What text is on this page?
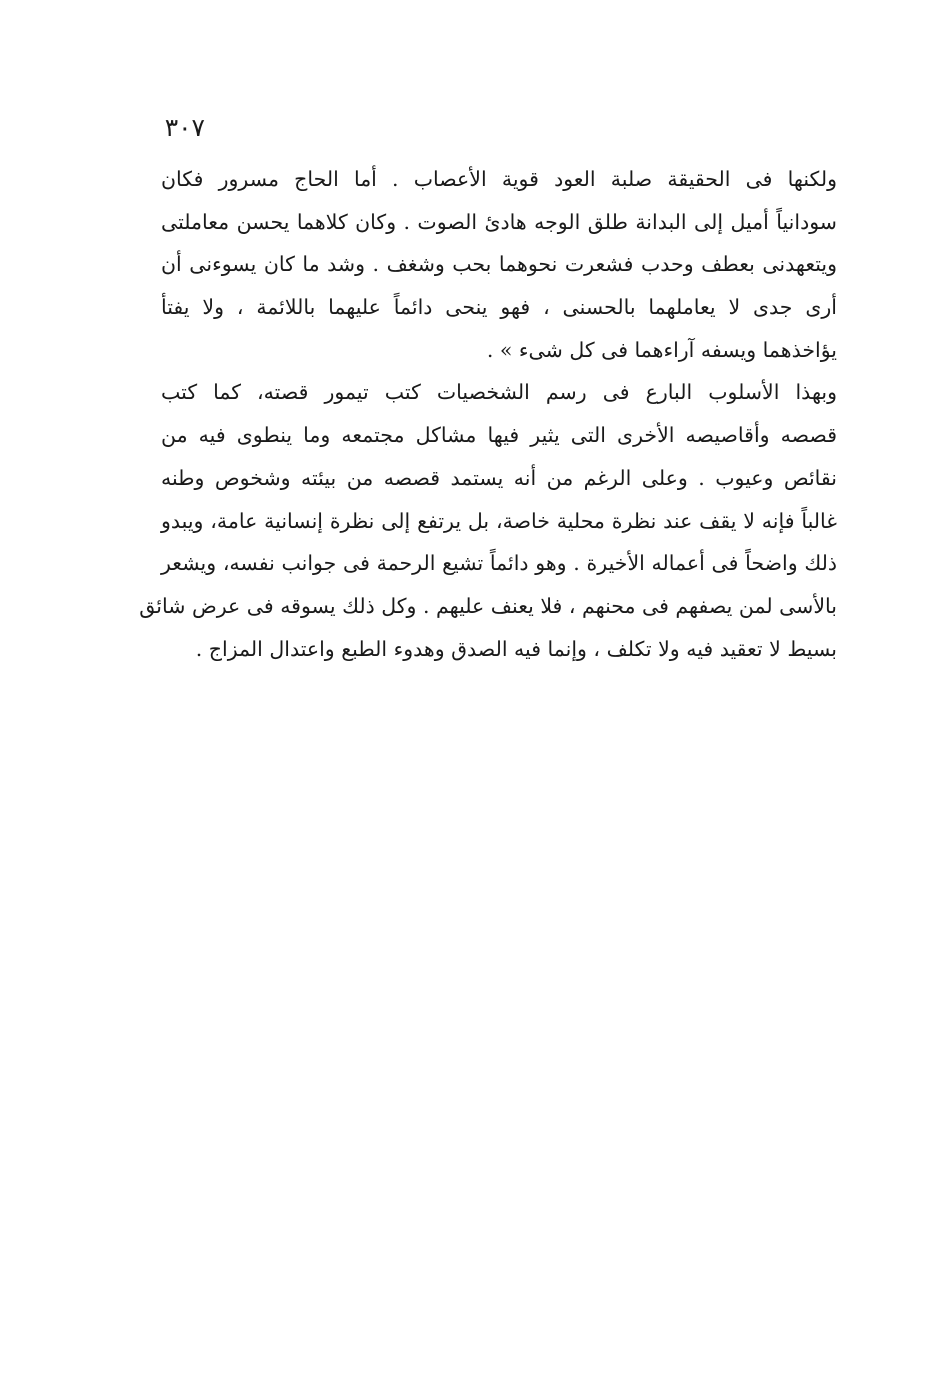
٣٠٧
ولكنها فى الحقيقة صلبة العود قوية الأعصاب . أما الحاج مسرور فكان
سودانياً أميل إلى البدانة طلق الوجه هادئ الصوت . وكان كلاهما يحسن معاملتى
ويتعهدنى بعطف وحدب فشعرت نحوهما بحب وشغف . وشد ما كان يسوءنى أن
أرى جدى لا يعاملهما بالحسنى ، فهو ينحى دائماً عليهما باللائمة ، ولا يفتأ
يؤاخذهما ويسفه آراءهما فى كل شىء » .
وبهذا الأسلوب البارع فى رسم الشخصيات كتب تيمور قصته، كما كتب
قصصه وأقاصيصه الأخرى التى يثير فيها مشاكل مجتمعه وما ينطوى فيه من
نقائص وعيوب . وعلى الرغم من أنه يستمد قصصه من بيئته وشخوص وطنه
غالباً فإنه لا يقف عند نظرة محلية خاصة، بل يرتفع إلى نظرة إنسانية عامة، ويبدو
ذلك واضحاً فى أعماله الأخيرة . وهو دائماً تشيع الرحمة فى جوانب نفسه، ويشعر
بالأسى لمن يصفهم فى محنهم ، فلا يعنف عليهم . وكل ذلك يسوقه فى عرض شائق
بسيط لا تعقيد فيه ولا تكلف ، وإنما فيه الصدق وهدوء الطبع واعتدال المزاج .
